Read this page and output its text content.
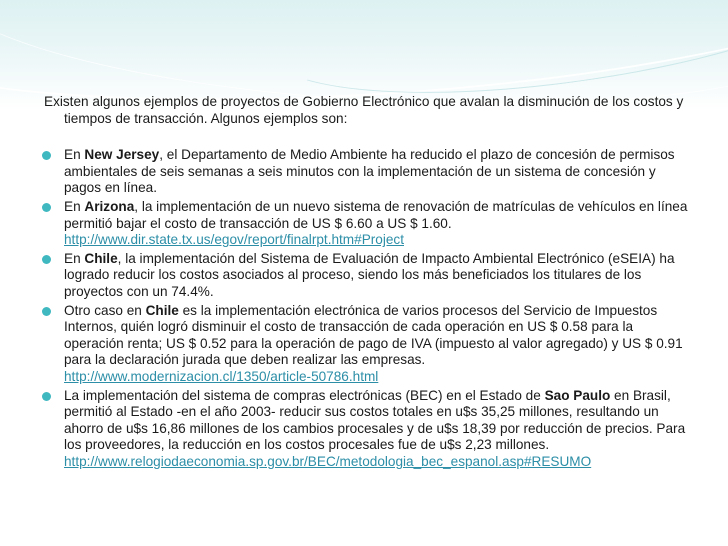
Existen algunos ejemplos de proyectos de Gobierno Electrónico que avalan la disminución de los costos y tiempos de transacción. Algunos ejemplos son:

En New Jersey, el Departamento de Medio Ambiente ha reducido el plazo de concesión de permisos ambientales de seis semanas a seis minutos con la implementación de un sistema de concesión y pagos en línea.
En Arizona, la implementación de un nuevo sistema de renovación de matrículas de vehículos en línea permitió bajar el costo de transacción de US $ 6.60 a US $ 1.60.
http://www.dir.state.tx.us/egov/report/finalrpt.htm#Project
En Chile, la implementación del Sistema de Evaluación de Impacto Ambiental Electrónico (eSEIA) ha logrado reducir los costos asociados al proceso, siendo los más beneficiados los titulares de los proyectos con un 74.4%.
Otro caso en Chile es la implementación electrónica de varios procesos del Servicio de Impuestos Internos, quién logró disminuir el costo de transacción de cada operación en US $ 0.58 para la operación renta; US $ 0.52 para la operación de pago de IVA (impuesto al valor agregado) y US $ 0.91 para la declaración jurada que deben realizar las empresas.
http://www.modernizacion.cl/1350/article-50786.html
La implementación del sistema de compras electrónicas (BEC) en el Estado de Sao Paulo en Brasil, permitió al Estado -en el año 2003- reducir sus costos totales en u$s 35,25 millones, resultando un ahorro de u$s 16,86 millones de los cambios procesales y de u$s 18,39 por reducción de precios. Para los proveedores, la reducción en los costos procesales fue de u$s 2,23 millones.
http://www.relogiodaeconomia.sp.gov.br/BEC/metodologia_bec_espanol.asp#RESUMO
